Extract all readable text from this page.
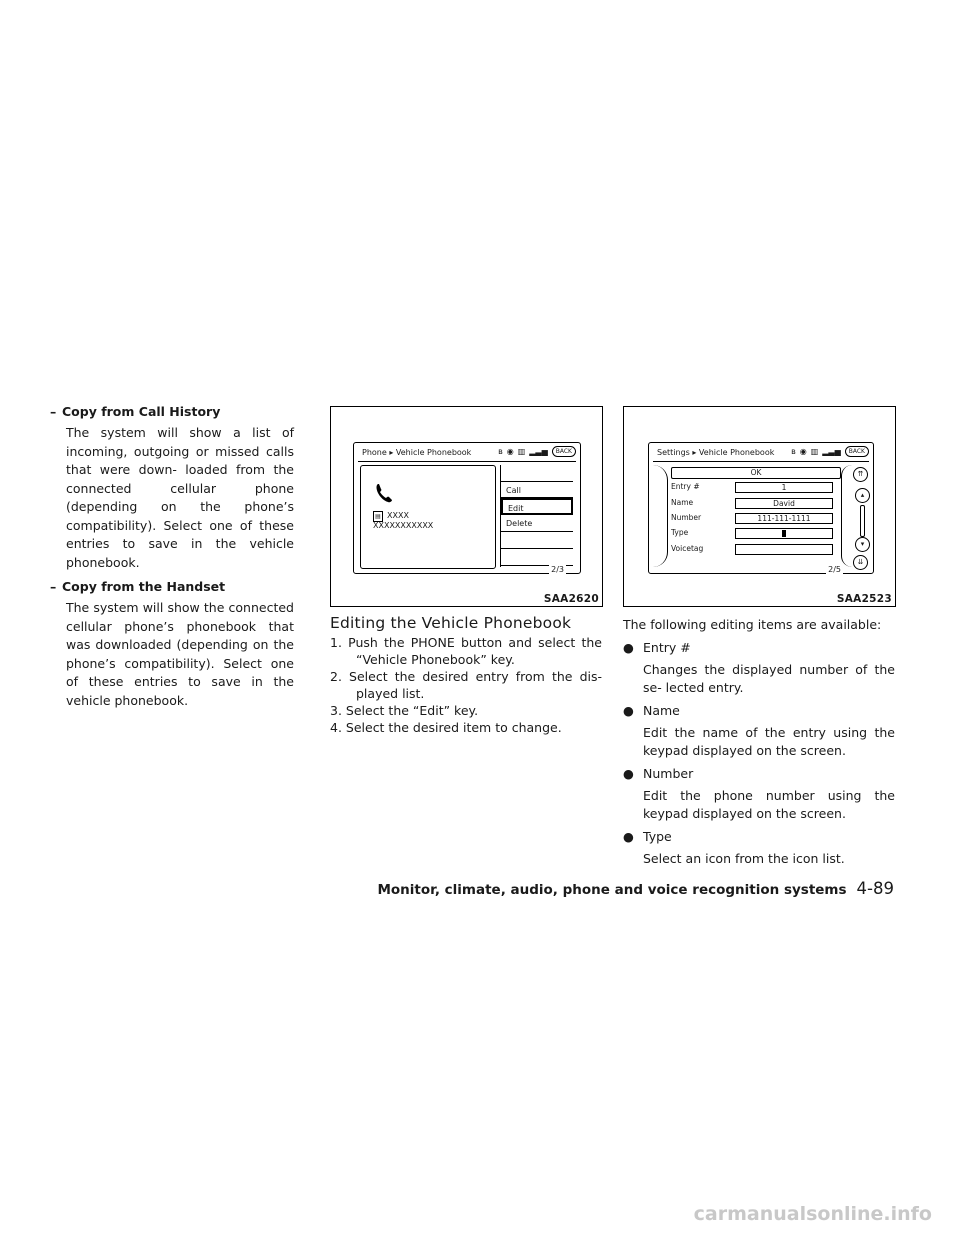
– Copy from Call History
The system will show a list of incoming, outgoing or missed calls that were down- loaded from the connected cellular phone (depending on the phone’s compatibility). Select one of these entries to save in the vehicle phonebook.
– Copy from the Handset
The system will show the connected cellular phone’s phonebook that was downloaded (depending on the phone’s compatibility). Select one of these entries to save in the vehicle phonebook.
Phone ▸ Vehicle Phonebook	ʙ ◉ ▥ ▂▃▅	BACK
▤ XXXX
XXXXXXXXXXX
Call
Edit
Delete
2/3
SAA2620
Settings ▸ Vehicle Phonebook ʙ ◉ ▥ ▂▃▅	BACK
OK
Entry #	1
Name	David
Number	111-111-1111
Type
Voicetag
⇈
▴
▾
⇊
2/5
SAA2523
Editing the Vehicle Phonebook
1. Push the PHONE button and select the “Vehicle Phonebook” key.
2. Select the desired entry from the dis- played list.
3. Select the “Edit” key.
4. Select the desired item to change.
The following editing items are available:
● Entry #
Changes the displayed number of the se- lected entry.
● Name
Edit the name of the entry using the keypad displayed on the screen.
● Number
Edit the phone number using the keypad displayed on the screen.
● Type
Select an icon from the icon list.
Monitor, climate, audio, phone and voice recognition systems 4-89
carmanualsonline.info
